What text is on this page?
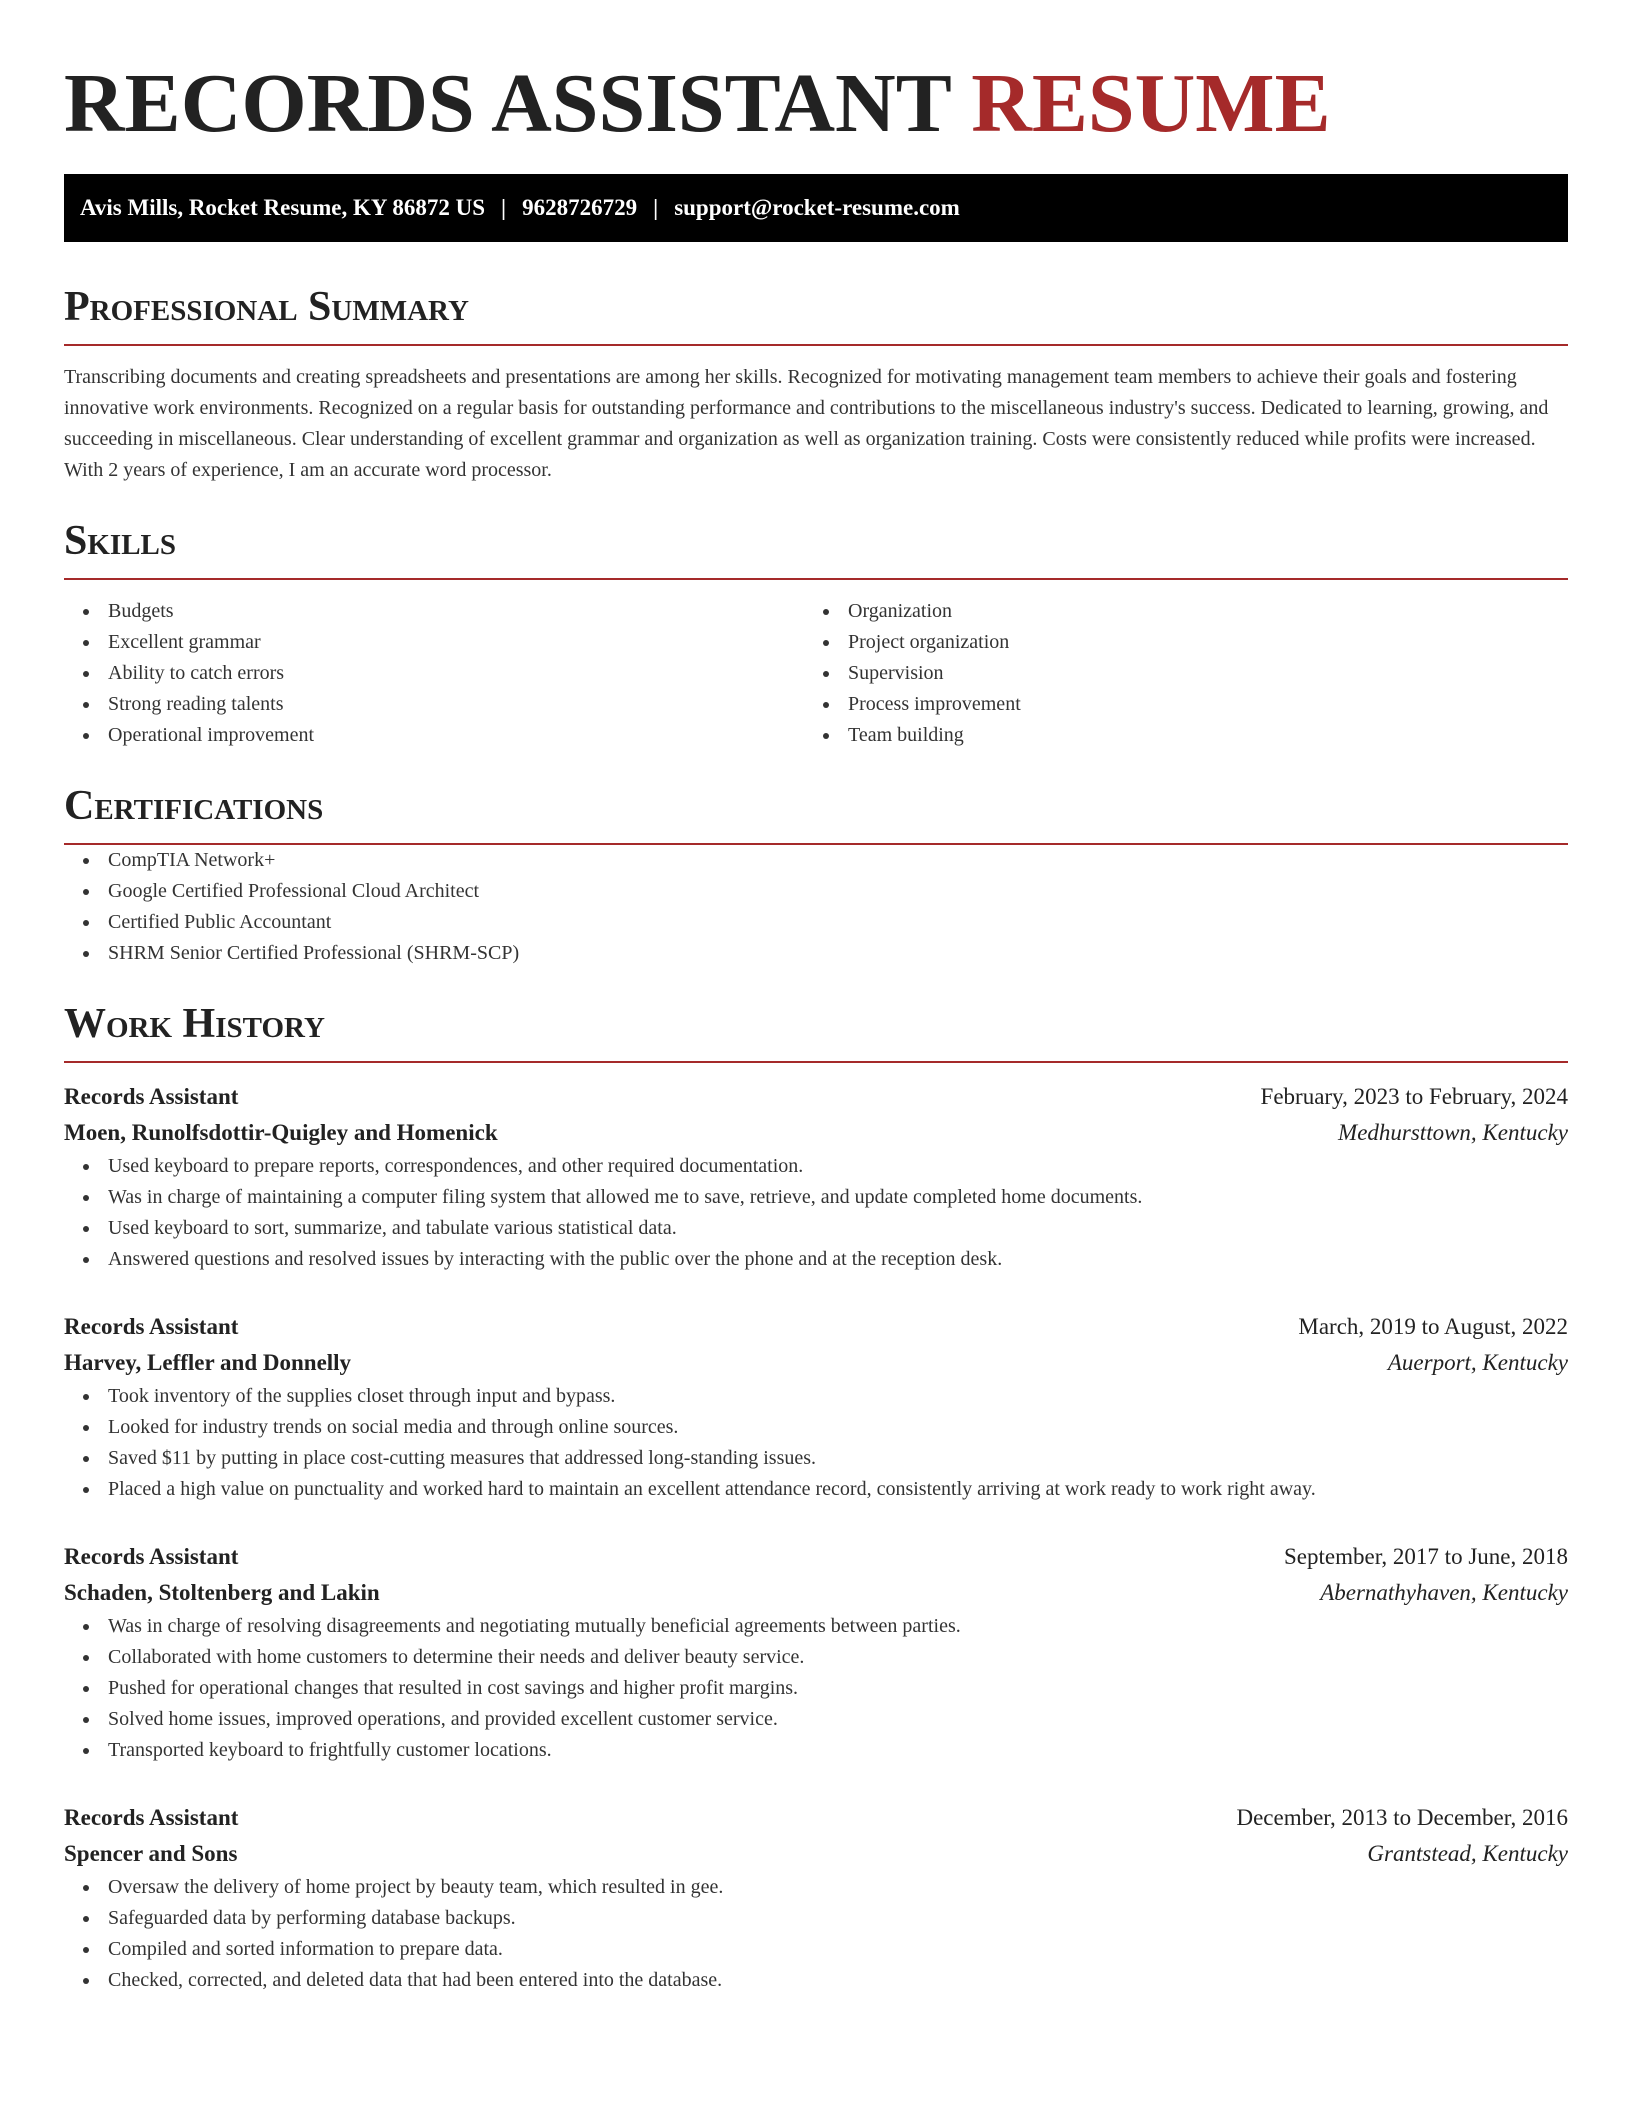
RECORDS ASSISTANT RESUME
Avis Mills, Rocket Resume, KY 86872 US | 9628726729 | support@rocket-resume.com
Professional Summary
Transcribing documents and creating spreadsheets and presentations are among her skills. Recognized for motivating management team members to achieve their goals and fostering innovative work environments. Recognized on a regular basis for outstanding performance and contributions to the miscellaneous industry's success. Dedicated to learning, growing, and succeeding in miscellaneous. Clear understanding of excellent grammar and organization as well as organization training. Costs were consistently reduced while profits were increased. With 2 years of experience, I am an accurate word processor.
Skills
Budgets
Excellent grammar
Ability to catch errors
Strong reading talents
Operational improvement
Organization
Project organization
Supervision
Process improvement
Team building
Certifications
CompTIA Network+
Google Certified Professional Cloud Architect
Certified Public Accountant
SHRM Senior Certified Professional (SHRM-SCP)
Work History
Records Assistant	February, 2023 to February, 2024
Moen, Runolfsdottir-Quigley and Homenick	Medhursttown, Kentucky
Used keyboard to prepare reports, correspondences, and other required documentation.
Was in charge of maintaining a computer filing system that allowed me to save, retrieve, and update completed home documents.
Used keyboard to sort, summarize, and tabulate various statistical data.
Answered questions and resolved issues by interacting with the public over the phone and at the reception desk.
Records Assistant	March, 2019 to August, 2022
Harvey, Leffler and Donnelly	Auerport, Kentucky
Took inventory of the supplies closet through input and bypass.
Looked for industry trends on social media and through online sources.
Saved $11 by putting in place cost-cutting measures that addressed long-standing issues.
Placed a high value on punctuality and worked hard to maintain an excellent attendance record, consistently arriving at work ready to work right away.
Records Assistant	September, 2017 to June, 2018
Schaden, Stoltenberg and Lakin	Abernathyhaven, Kentucky
Was in charge of resolving disagreements and negotiating mutually beneficial agreements between parties.
Collaborated with home customers to determine their needs and deliver beauty service.
Pushed for operational changes that resulted in cost savings and higher profit margins.
Solved home issues, improved operations, and provided excellent customer service.
Transported keyboard to frightfully customer locations.
Records Assistant	December, 2013 to December, 2016
Spencer and Sons	Grantstead, Kentucky
Oversaw the delivery of home project by beauty team, which resulted in gee.
Safeguarded data by performing database backups.
Compiled and sorted information to prepare data.
Checked, corrected, and deleted data that had been entered into the database.
